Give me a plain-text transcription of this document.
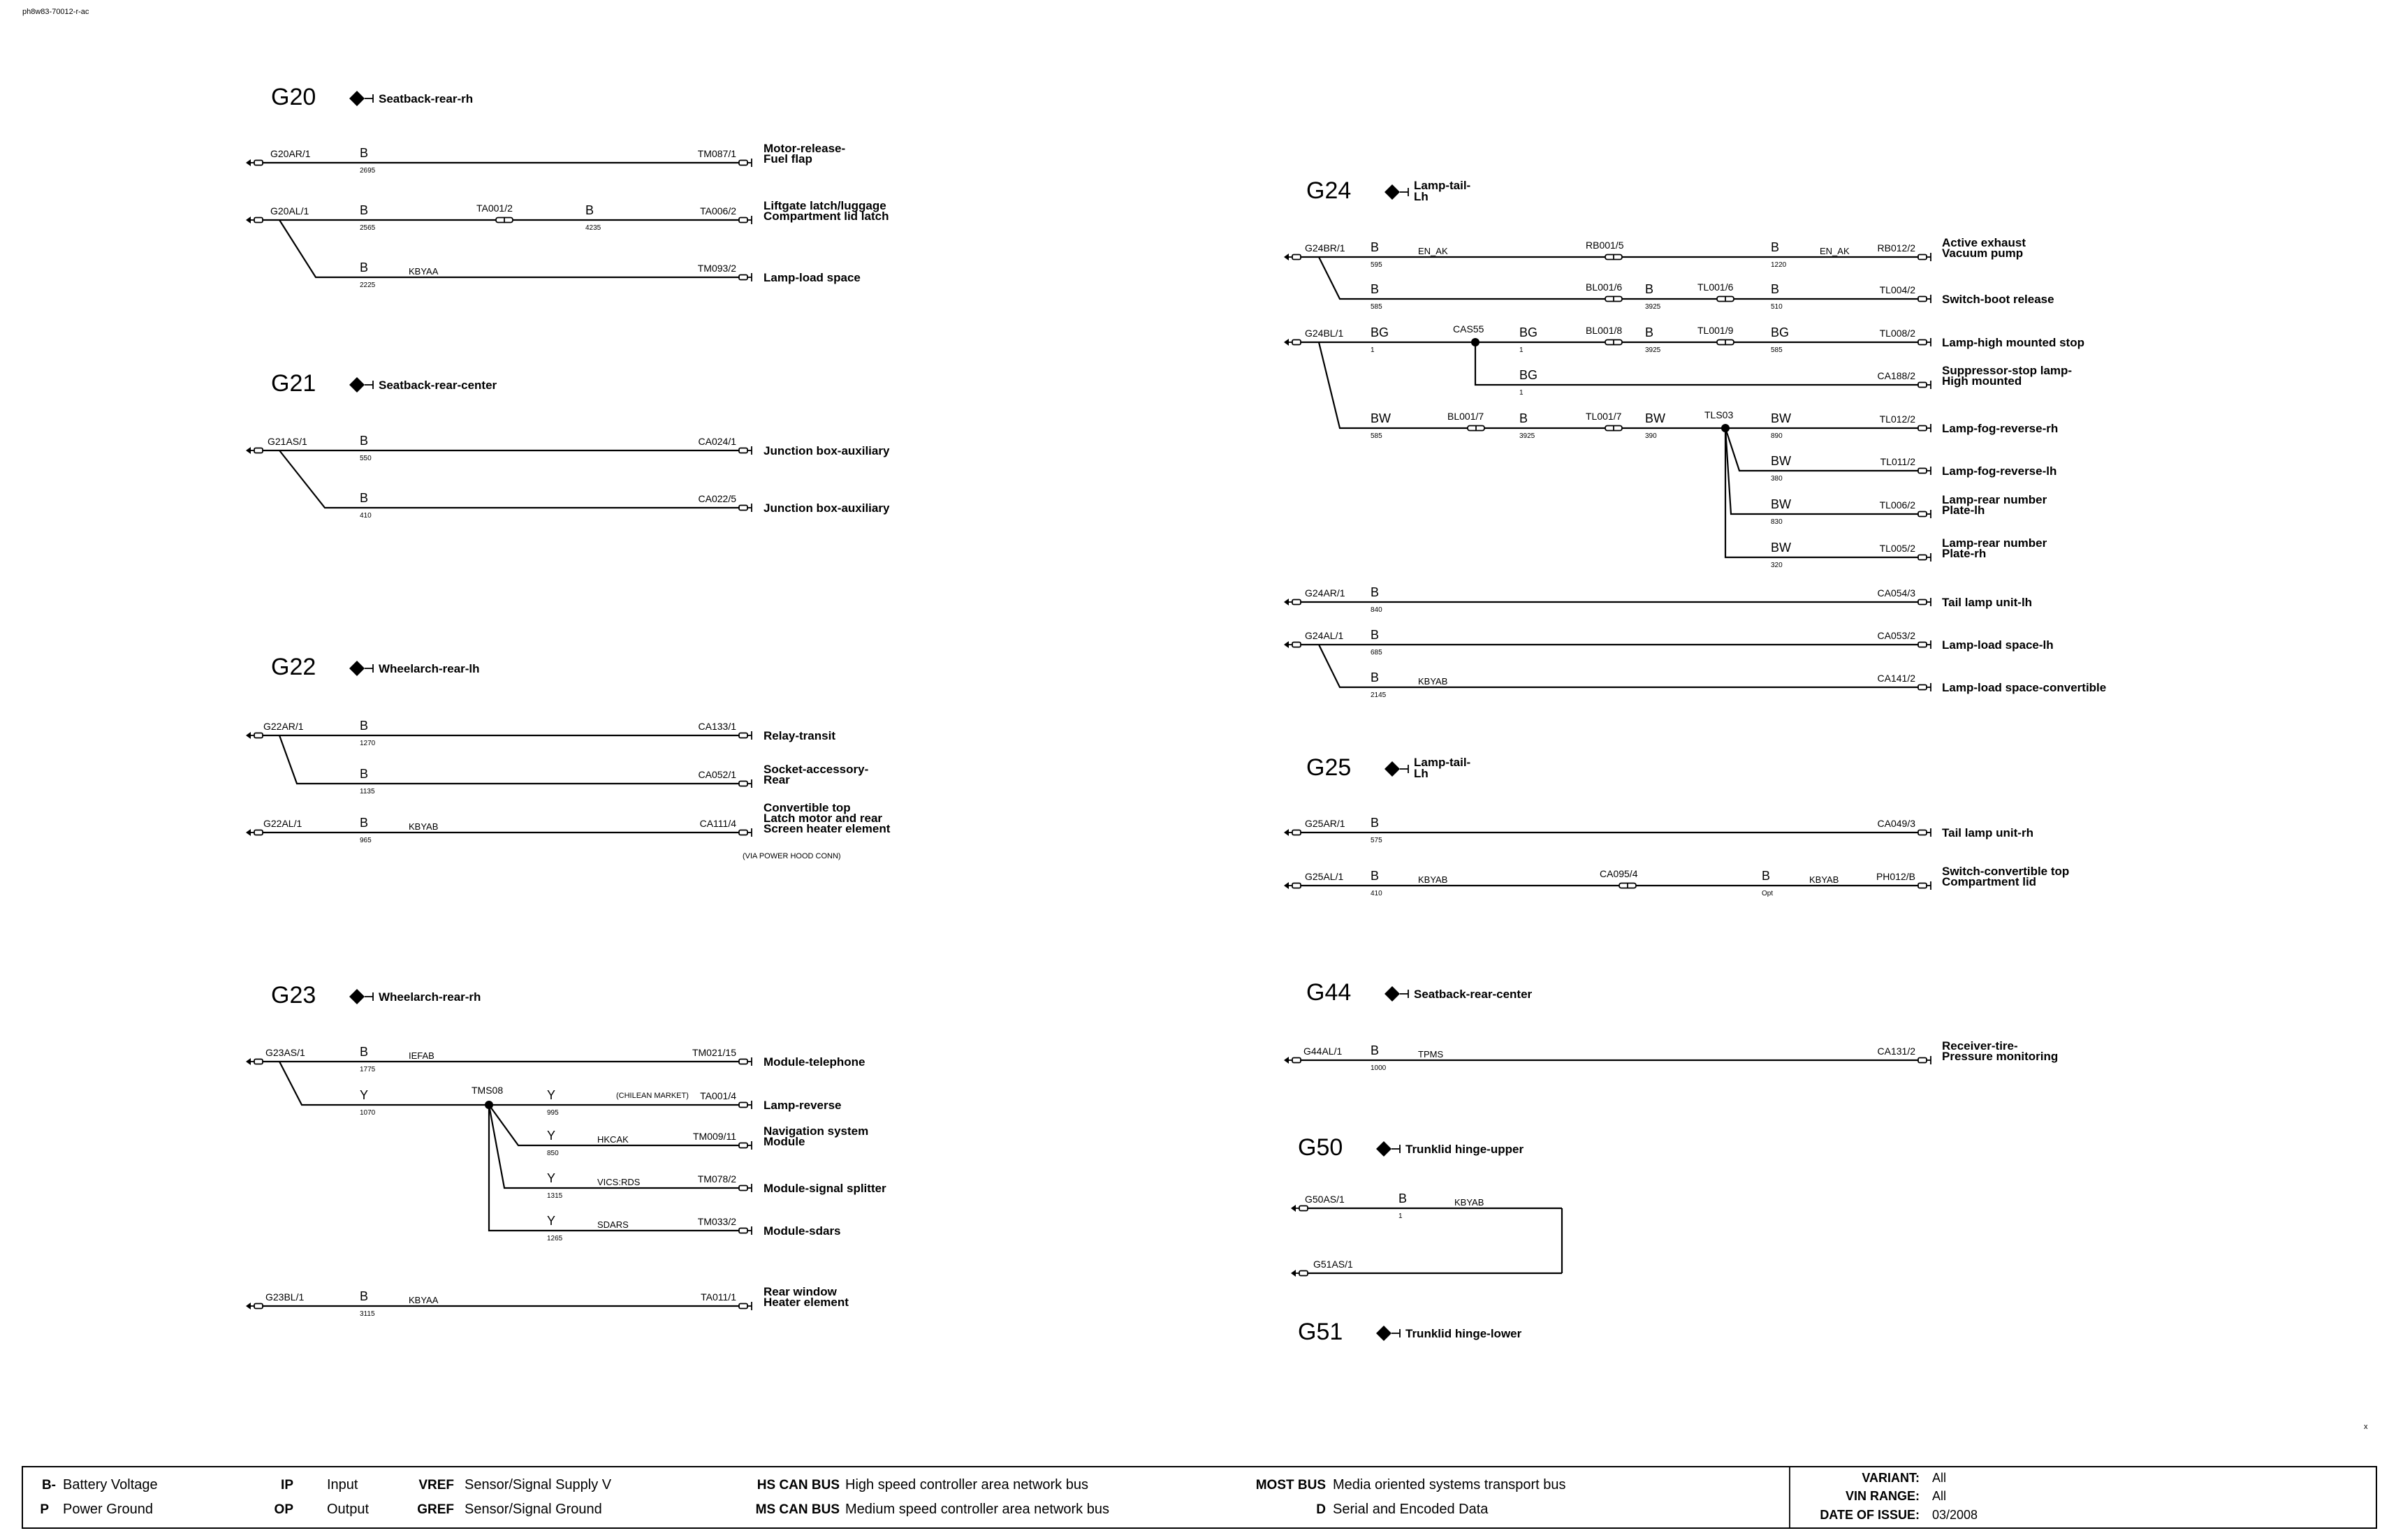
G20	Seatback-rear-rh
G20AR/1	B
2695
TM087/1 Motor-release-
Fuel flap
G20AL/1	B
2565
TA001/2	B
4235
TA006/2 Liftgate latch/luggage
Compartment lid latch
B
2225
KBYAA	TM093/2
Lamp-load space
G21	Seatback-rear-center
G21AS/1	B
550
CA024/1
Junction box-auxiliary
B
410
CA022/5
Junction box-auxiliary
G22	Wheelarch-rear-lh
G22AR/1	B
1270
CA133/1
Relay-transit
B
1135
CA052/1 Socket-accessory-
Rear
G22AL/1	B
965
KBYAB	CA111/4
Convertible top
Latch motor and rear
Screen heater element
(VIA POWER HOOD CONN)
G23	Wheelarch-rear-rh
G23AS/1	B
1775
IEFAB	TM021/15
Module-telephone
Y
1070
TMS08	Y
995
(CHILEAN MARKET) TA001/4
Lamp-reverse
Y
850
HKCAK	TM009/11 Navigation system
Module
Y
1315
VICS:RDS	TM078/2
Module-signal splitter
Y
1265
SDARS	TM033/2
Module-sdars
G23BL/1	B
3115
KBYAA	TA011/1 Rear window
Heater element
G24	Lamp-tail-
Lh
G24BR/1 B
595
EN_AK
RB001/5	B
1220
EN_AK	RB012/2 Active exhaust
Vacuum pump
B
585
BL001/6 B
3925
TL001/6	B
510
TL004/2
Switch-boot release
G24BL/1 BG
1
CAS55	BG
1
BL001/8 B
3925
TL001/9	BG
585
TL008/2
Lamp-high mounted stop
BG
1
CA188/2 Suppressor-stop lamp-
High mounted
BW
585
BL001/7	B
3925
TL001/7 BW
390
TLS03	BW
890
TL012/2
Lamp-fog-reverse-rh
BW
380
TL011/2
Lamp-fog-reverse-lh
BW
830
TL006/2 Lamp-rear number
Plate-lh
BW
320
TL005/2 Lamp-rear number
Plate-rh
G24AR/1 B
840
CA054/3
Tail lamp unit-lh
G24AL/1 B
685
CA053/2
Lamp-load space-lh
B
2145
KBYAB	CA141/2
Lamp-load space-convertible
G25	Lamp-tail-
Lh
G25AR/1 B
575
CA049/3
Tail lamp unit-rh
G25AL/1 B
410
KBYAB
CA095/4	B
Opt
KBYAB	PH012/B Switch-convertible top
Compartment lid
G44	Seatback-rear-center
G44AL/1 B
1000
TPMS	CA131/2 Receiver-tire-
Pressure monitoring
G50	Trunklid hinge-upper
G50AS/1	B
1
KBYAB
G51AS/1
G51	Trunklid hinge-lower
ph8w83-70012-r-ac
x
B- Battery Voltage
P Power Ground
IP Input
OP Output
VREF Sensor/Signal Supply V
GREF Sensor/Signal Ground
HS CAN BUS High speed controller area network bus
MS CAN BUS Medium speed controller area network bus
MOST BUS Media oriented systems transport bus
D Serial and Encoded Data
VARIANT: All
VIN RANGE: All
DATE OF ISSUE: 03/2008
